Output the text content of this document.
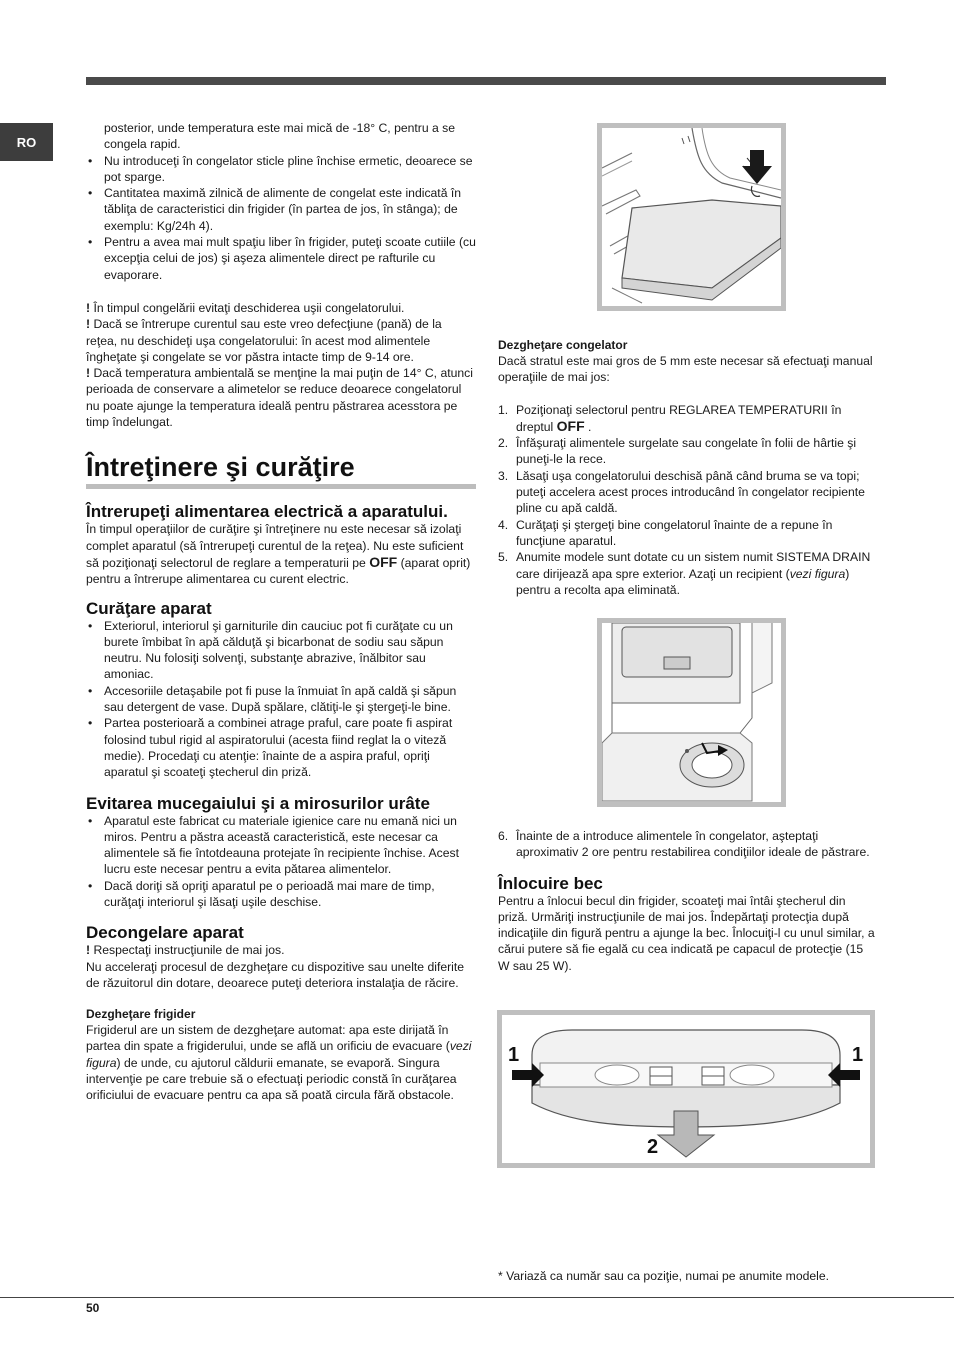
RO

posterior, unde temperatura este mai mică de -18° C, pentru a se congela rapid.

• Nu introduceţi în congelator sticle pline închise ermetic, deoarece se pot sparge.
• Cantitatea maximă zilnică de alimente de congelat este indicată în tăbliţa de caracteristici din frigider (în partea de jos, în stânga); de exemplu: Kg/24h 4).
• Pentru a avea mai mult spaţiu liber în frigider, puteţi scoate cutiile (cu excepţia celui de jos) şi aşeza alimentele direct pe rafturile cu evaporare.

! În timpul congelării evitaţi deschiderea uşii congelatorului.

! Dacă se întrerupe curentul sau este vreo defecţiune (pană) de la reţea, nu deschideţi uşa congelatorului: în acest mod alimentele îngheţate şi congelate se vor păstra intacte timp de 9-14 ore.

! Dacă temperatura ambientală se menţine la mai puţin de 14° C, atunci perioada de conservare a alimetelor se reduce deoarece congelatorul nu poate ajunge la temperatura ideală pentru păstrarea acesstora pe timp îndelungat.

Întreţinere şi curăţire
Întrerupeţi alimentarea electrică a aparatului.

În timpul operaţiilor de curăţire şi întreţinere nu este necesar să izolaţi complet aparatul (să întrerupeţi curentul de la reţea). Nu este suficient să poziţionaţi selectorul de reglare a temperaturii pe OFF (aparat oprit) pentru a întrerupe alimentarea cu curent electric.

Curăţare aparat
• Exteriorul, interiorul şi garniturile din cauciuc pot fi curăţate cu un burete îmbibat în apă călduţă şi bicarbonat de sodiu sau săpun neutru. Nu folosiţi solvenţi, substanţe abrazive, înălbitor sau amoniac.
• Accesoriile detaşabile pot fi puse la înmuiat în apă caldă şi săpun sau detergent de vase. După spălare, clătiţi-le şi ştergeţi-le bine.
• Partea posterioară a combinei atrage praful, care poate fi aspirat folosind tubul rigid al aspiratorului (acesta fiind reglat la o viteză medie). Procedaţi cu atenţie: înainte de a aspira praful, opriţi aparatul şi scoateţi ştecherul din priză.
Evitarea mucegaiului şi a mirosurilor urâte
• Aparatul este fabricat cu materiale igienice care nu emană nici un miros. Pentru a păstra această caracteristică, este necesar ca alimentele să fie întotdeauna protejate în recipiente închise. Acest lucru este necesar pentru a evita pătarea alimentelor.
• Dacă doriţi să opriţi aparatul pe o perioadă mai mare de timp, curăţaţi interiorul şi lăsaţi uşile deschise.
Decongelare aparat

! Respectaţi instrucţiunile de mai jos.

Nu acceleraţi procesul de dezgheţare cu dispozitive sau unelte diferite de răzuitorul din dotare, deoarece puteţi deteriora instalaţia de răcire.

Dezgheţare frigider

Frigiderul are un sistem de dezgheţare automat: apa este dirijată în partea din spate a frigiderului, unde se află un orificiu de evacuare (vezi figura) de unde, cu ajutorul căldurii emanate, se evaporă. Singura intervenţie pe care trebuie să o efectuaţi periodic constă în curăţarea orificiului de evacuare pentru ca apa să poată circula fără obstacole.

Dezgheţare congelator

Dacă stratul este mai gros de 5 mm este necesar să efectuaţi manual operaţiile de mai jos:

1. Poziţionaţi selectorul pentru REGLAREA TEMPERATURII în dreptul OFF .
2. Înfăşuraţi alimentele surgelate sau congelate în folii de hârtie şi puneţi-le la rece.
3. Lăsaţi uşa congelatorului deschisă până când bruma se va topi; puteţi accelera acest proces introducând în congelator recipiente pline cu apă caldă.
4. Curăţaţi şi ştergeţi bine congelatorul înainte de a repune în funcţiune aparatul.
5. Anumite modele sunt dotate cu un sistem numit SISTEMA DRAIN care dirijează apa spre exterior. Azaţi un recipient (vezi figura) pentru a recolta apa eliminată.
6. Înainte de a introduce alimentele în congelator, aşteptaţi aproximativ 2 ore pentru restabilirea condiţiilor ideale de păstrare.
Înlocuire bec

Pentru a înlocui becul din frigider, scoateţi mai întâi ştecherul din priză. Urmăriţi instrucţiunile de mai jos. Îndepărtaţi protecţia după indicaţiile din figură pentru a ajunge la bec. Înlocuiţi-l cu unul similar, a cărui putere să fie egală cu cea indicată pe capacul de protecţie (15 W sau 25 W).

1	1
2
* Variază ca număr sau ca poziţie, numai pe anumite modele.
50
